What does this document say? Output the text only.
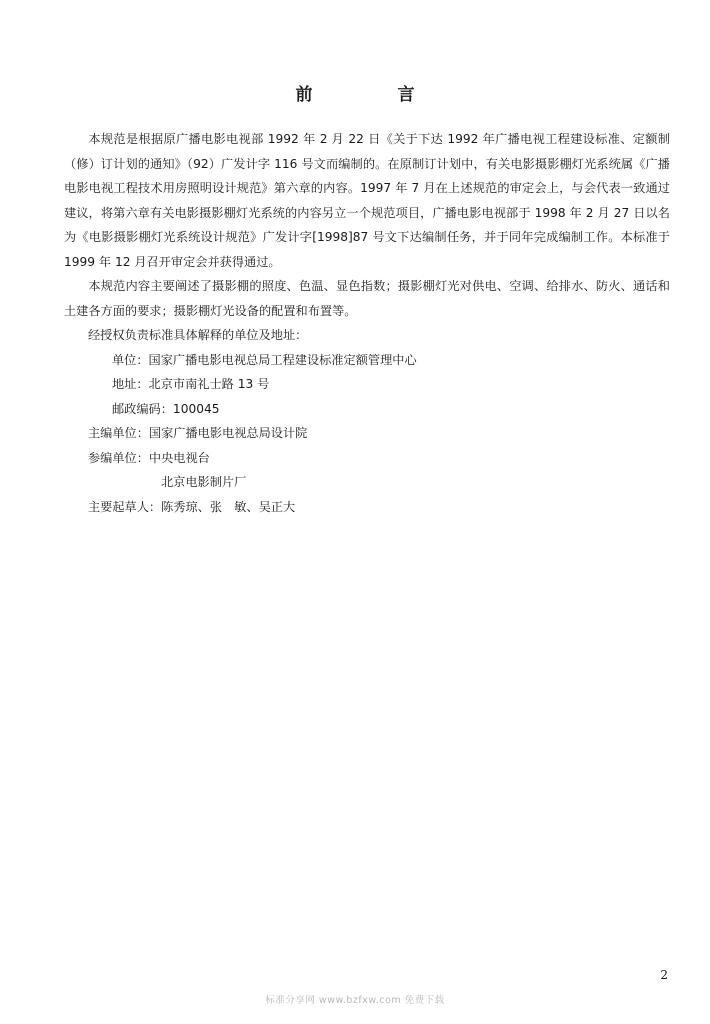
前　言

本规范是根据原广播电影电视部 1992 年 2 月 22 日《关于下达 1992 年广播电视工程建设标准、定额制（修）订计划的通知》（92）广发计字 116 号文而编制的。在原制订计划中，有关电影摄影棚灯光系统属《广播电影电视工程技术用房照明设计规范》第六章的内容。1997 年 7 月在上述规范的审定会上，与会代表一致通过建议，将第六章有关电影摄影棚灯光系统的内容另立一个规范项目，广播电影电视部于 1998 年 2 月 27 日以名为《电影摄影棚灯光系统设计规范》广发计字[1998]87 号文下达编制任务，并于同年完成编制工作。本标准于 1999 年 12 月召开审定会并获得通过。

本规范内容主要阐述了摄影棚的照度、色温、显色指数；摄影棚灯光对供电、空调、给排水、防火、通话和土建各方面的要求；摄影棚灯光设备的配置和布置等。

经授权负责标准具体解释的单位及地址：

单位：国家广播电影电视总局工程建设标准定额管理中心

地址：北京市南礼士路 13 号

邮政编码：100045

主编单位：国家广播电影电视总局设计院

参编单位：中央电视台

北京电影制片厂

主要起草人：陈秀琼、张　敏、吴正大

2
标准分享网 www.bzfxw.com 免费下载
